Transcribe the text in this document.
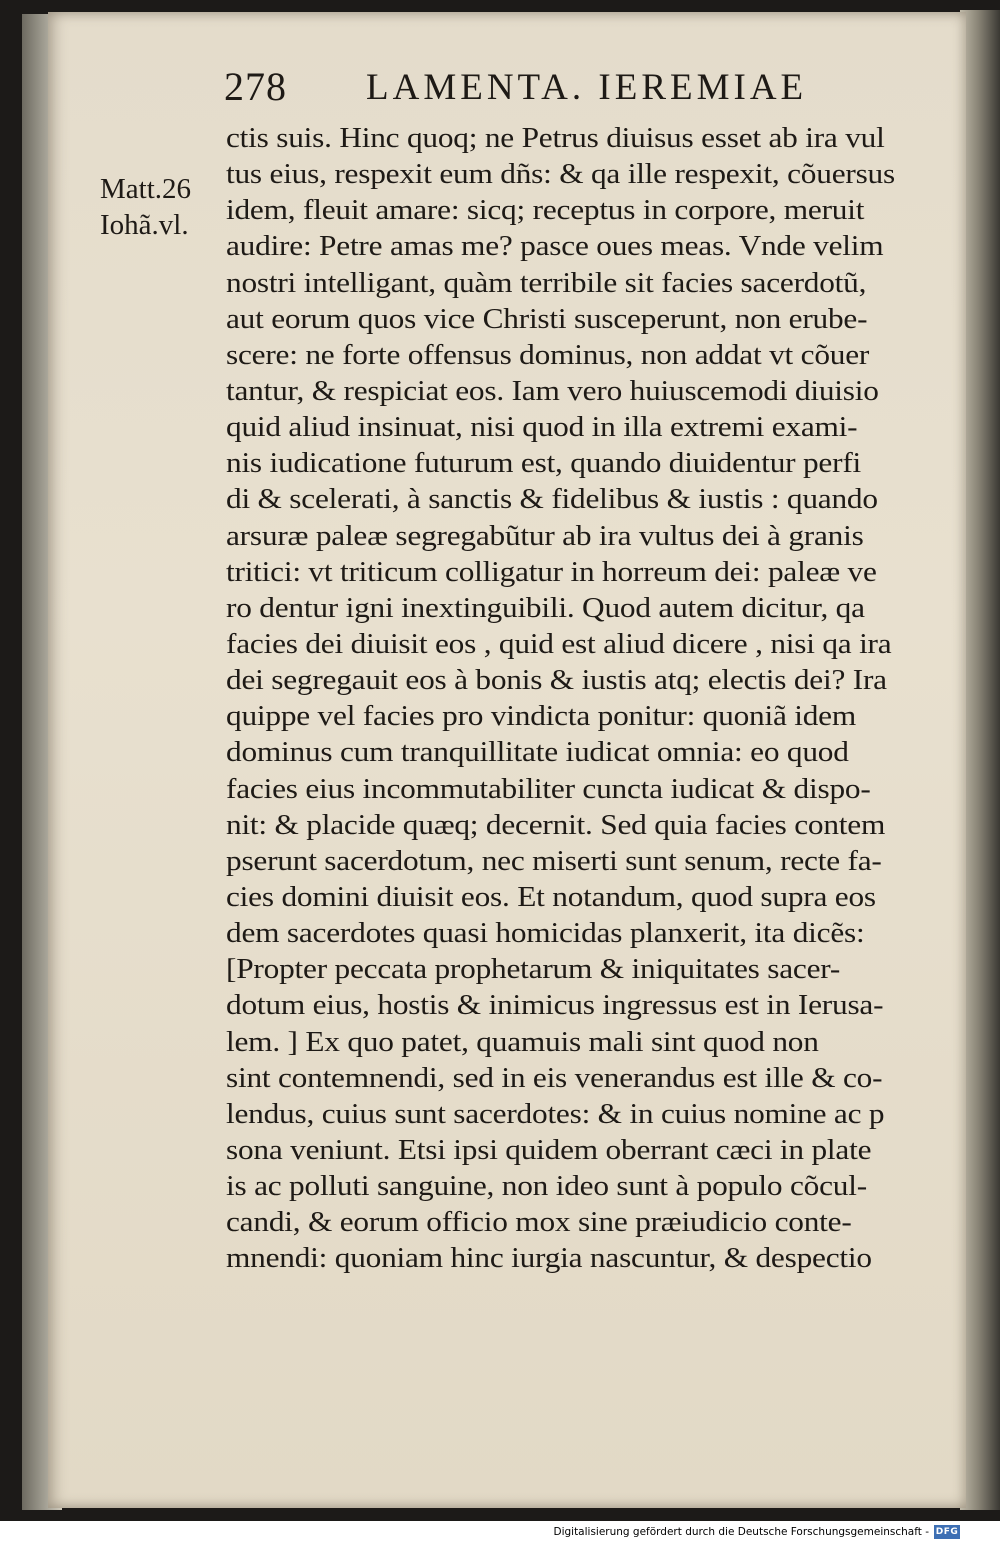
278 LAMENTA. IEREMIAE
Matt.26
Iohã.vl.
ctis suis. Hinc quoq; ne Petrus diuisus esset ab ira vul
tus eius, respexit eum dñs: & qa ille respexit, cõuersus
idem, fleuit amare: sicq; receptus in corpore, meruit
audire: Petre amas me? pasce oues meas. Vnde velim
nostri intelligant, quàm terribile sit facies sacerdotũ,
aut eorum quos vice Christi susceperunt, non erube-
scere: ne forte offensus dominus, non addat vt cõuer
tantur, & respiciat eos. Iam vero huiuscemodi diuisio
quid aliud insinuat, nisi quod in illa extremi exami-
nis iudicatione futurum est, quando diuidentur perfi
di & scelerati, à sanctis & fidelibus & iustis : quando
arsuræ paleæ segregabũtur ab ira vultus dei à granis
tritici: vt triticum colligatur in horreum dei: paleæ ve
ro dentur igni inextinguibili. Quod autem dicitur, qa
facies dei diuisit eos , quid est aliud dicere , nisi qa ira
dei segregauit eos à bonis & iustis atq; electis dei? Ira
quippe vel facies pro vindicta ponitur: quoniã idem
dominus cum tranquillitate iudicat omnia: eo quod
facies eius incommutabiliter cuncta iudicat & dispo-
nit: & placide quæq; decernit. Sed quia facies contem
pserunt sacerdotum, nec miserti sunt senum, recte fa-
cies domini diuisit eos. Et notandum, quod supra eos
dem sacerdotes quasi homicidas planxerit, ita dicẽs:
[Propter peccata prophetarum & iniquitates sacer-
dotum eius, hostis & inimicus ingressus est in Ierusa-
lem. ] Ex quo patet, quamuis mali sint quod non
sint contemnendi, sed in eis venerandus est ille & co-
lendus, cuius sunt sacerdotes: & in cuius nomine ac p
sona veniunt. Etsi ipsi quidem oberrant cæci in plate
is ac polluti sanguine, non ideo sunt à populo cõcul-
candi, & eorum officio mox sine præiudicio conte-
mnendi: quoniam hinc iurgia nascuntur, & despectio
Digitalisierung gefördert durch die Deutsche Forschungsgemeinschaft - DFG
